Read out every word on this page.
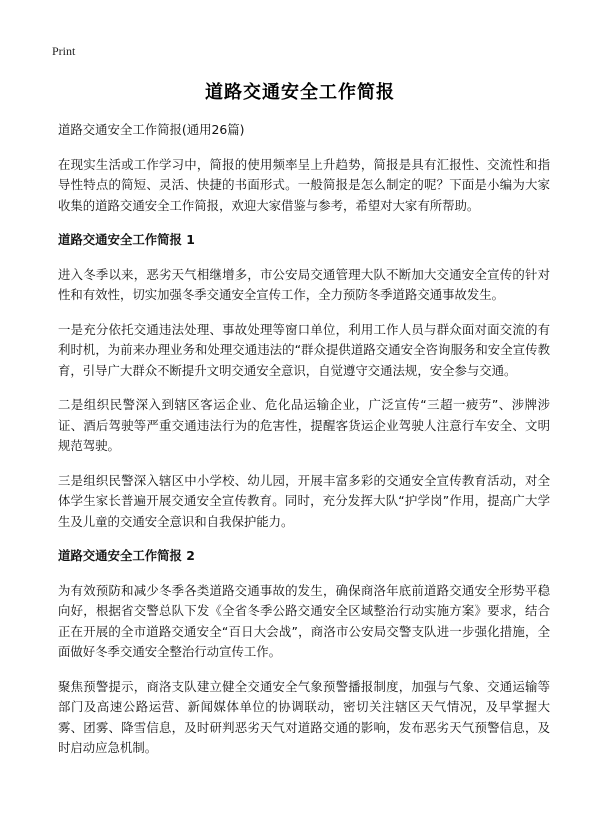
Print
道路交通安全工作简报

道路交通安全工作简报(通用26篇)

在现实生活或工作学习中，简报的使用频率呈上升趋势，简报是具有汇报性、交流性和指导性特点的简短、灵活、快捷的书面形式。一般简报是怎么制定的呢？下面是小编为大家收集的道路交通安全工作简报，欢迎大家借鉴与参考，希望对大家有所帮助。

道路交通安全工作简报 1

进入冬季以来，恶劣天气相继增多，市公安局交通管理大队不断加大交通安全宣传的针对性和有效性，切实加强冬季交通安全宣传工作，全力预防冬季道路交通事故发生。

一是充分依托交通违法处理、事故处理等窗口单位，利用工作人员与群众面对面交流的有利时机，为前来办理业务和处理交通违法的“群众提供道路交通安全咨询服务和安全宣传教育，引导广大群众不断提升文明交通安全意识，自觉遵守交通法规，安全参与交通。

二是组织民警深入到辖区客运企业、危化品运输企业，广泛宣传“三超一疲劳”、涉牌涉证、酒后驾驶等严重交通违法行为的危害性，提醒客货运企业驾驶人注意行车安全、文明规范驾驶。

三是组织民警深入辖区中小学校、幼儿园，开展丰富多彩的交通安全宣传教育活动，对全体学生家长普遍开展交通安全宣传教育。同时，充分发挥大队“护学岗”作用，提高广大学生及儿童的交通安全意识和自我保护能力。

道路交通安全工作简报 2

为有效预防和减少冬季各类道路交通事故的发生，确保商洛年底前道路交通安全形势平稳向好，根据省交警总队下发《全省冬季公路交通安全区域整治行动实施方案》要求，结合正在开展的全市道路交通安全“百日大会战”，商洛市公安局交警支队进一步强化措施，全面做好冬季交通安全整治行动宣传工作。

聚焦预警提示，商洛支队建立健全交通安全气象预警播报制度，加强与气象、交通运输等部门及高速公路运营、新闻媒体单位的协调联动，密切关注辖区天气情况，及早掌握大雾、团雾、降雪信息，及时研判恶劣天气对道路交通的影响，发布恶劣天气预警信息，及时启动应急机制。
